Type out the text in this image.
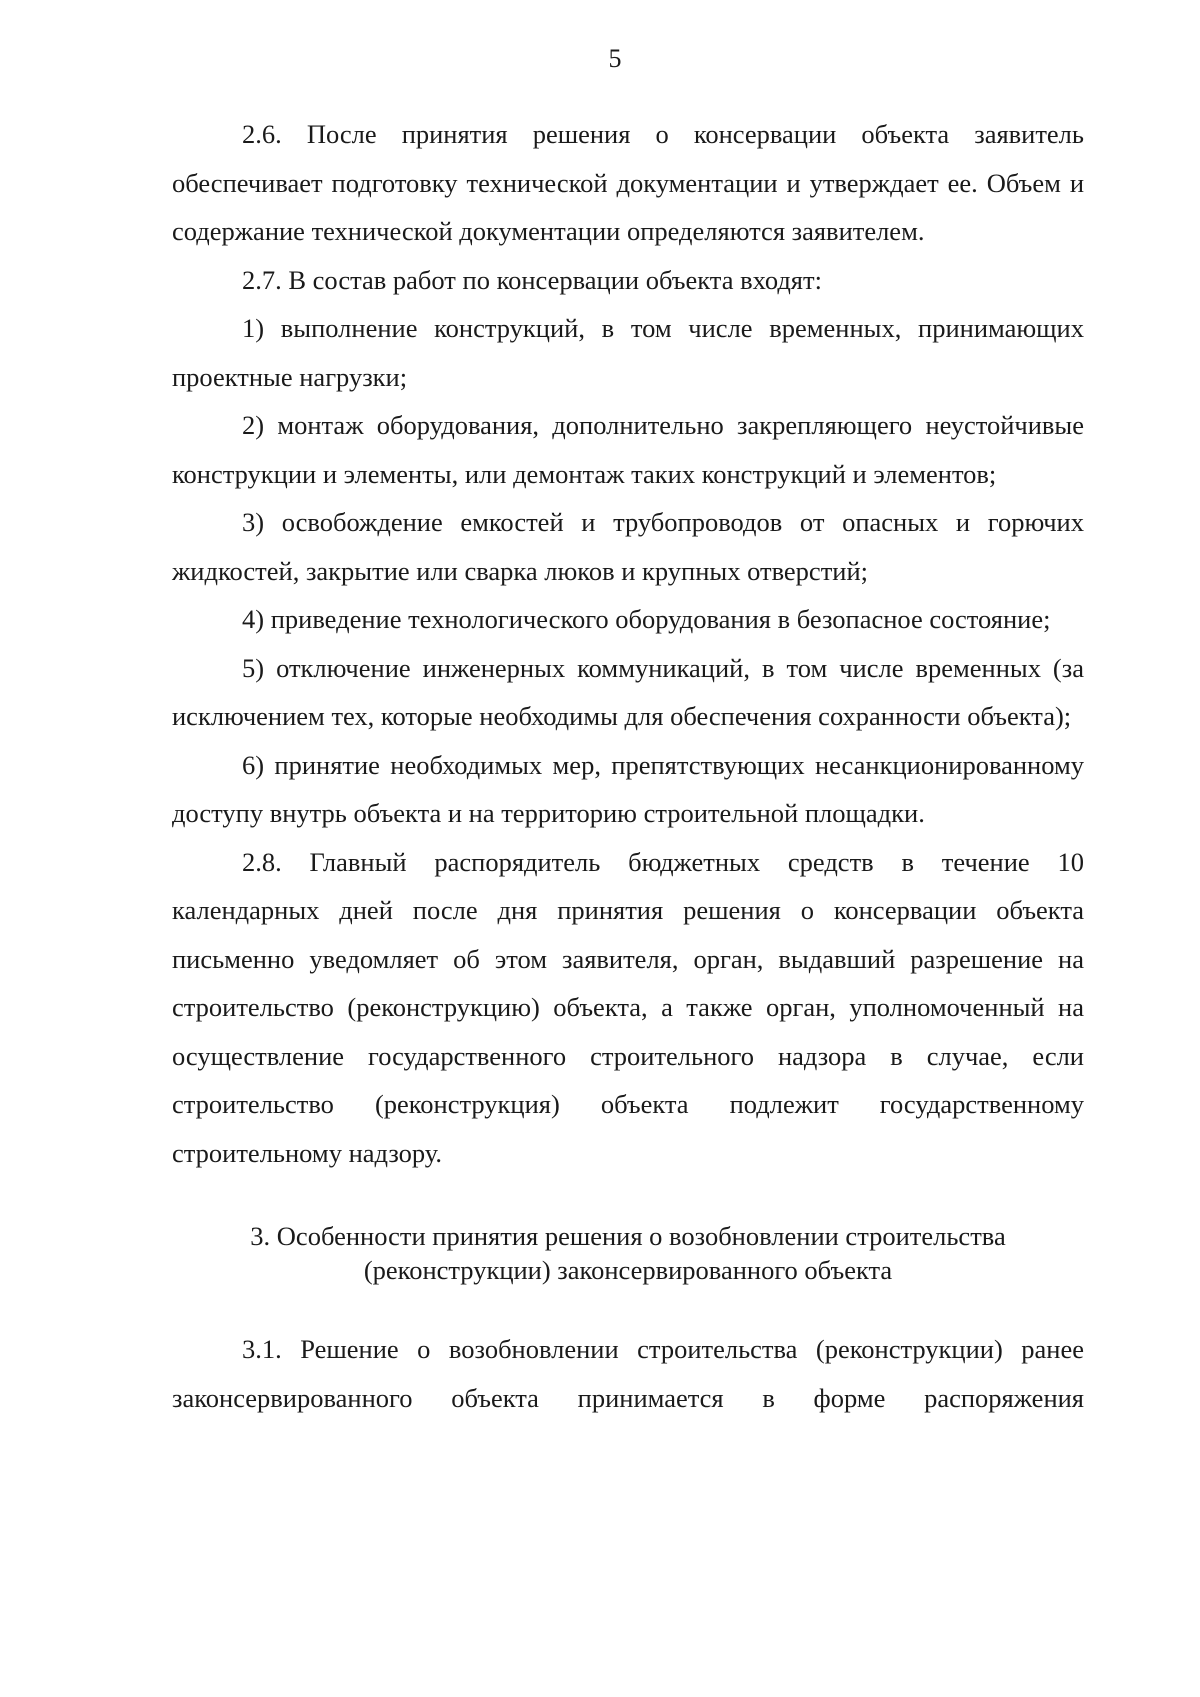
5

2.6. После принятия решения о консервации объекта заявитель обеспечивает подготовку технической документации и утверждает ее. Объем и содержание технической документации определяются заявителем.

2.7. В состав работ по консервации объекта входят:

1) выполнение конструкций, в том числе временных, принимающих проектные нагрузки;

2) монтаж оборудования, дополнительно закрепляющего неустойчивые конструкции и элементы, или демонтаж таких конструкций и элементов;

3) освобождение емкостей и трубопроводов от опасных и горючих жидкостей, закрытие или сварка люков и крупных отверстий;

4) приведение технологического оборудования в безопасное состояние;

5) отключение инженерных коммуникаций, в том числе временных (за исключением тех, которые необходимы для обеспечения сохранности объекта);

6) принятие необходимых мер, препятствующих несанкционированному доступу внутрь объекта и на территорию строительной площадки.

2.8. Главный распорядитель бюджетных средств в течение 10 календарных дней после дня принятия решения о консервации объекта письменно уведомляет об этом заявителя, орган, выдавший разрешение на строительство (реконструкцию) объекта, а также орган, уполномоченный на осуществление государственного строительного надзора в случае, если строительство (реконструкция) объекта подлежит государственному строительному надзору.

3. Особенности принятия решения о возобновлении строительства
(реконструкции) законсервированного объекта

3.1. Решение о возобновлении строительства (реконструкции) ранее законсервированного объекта принимается в форме распоряжения
